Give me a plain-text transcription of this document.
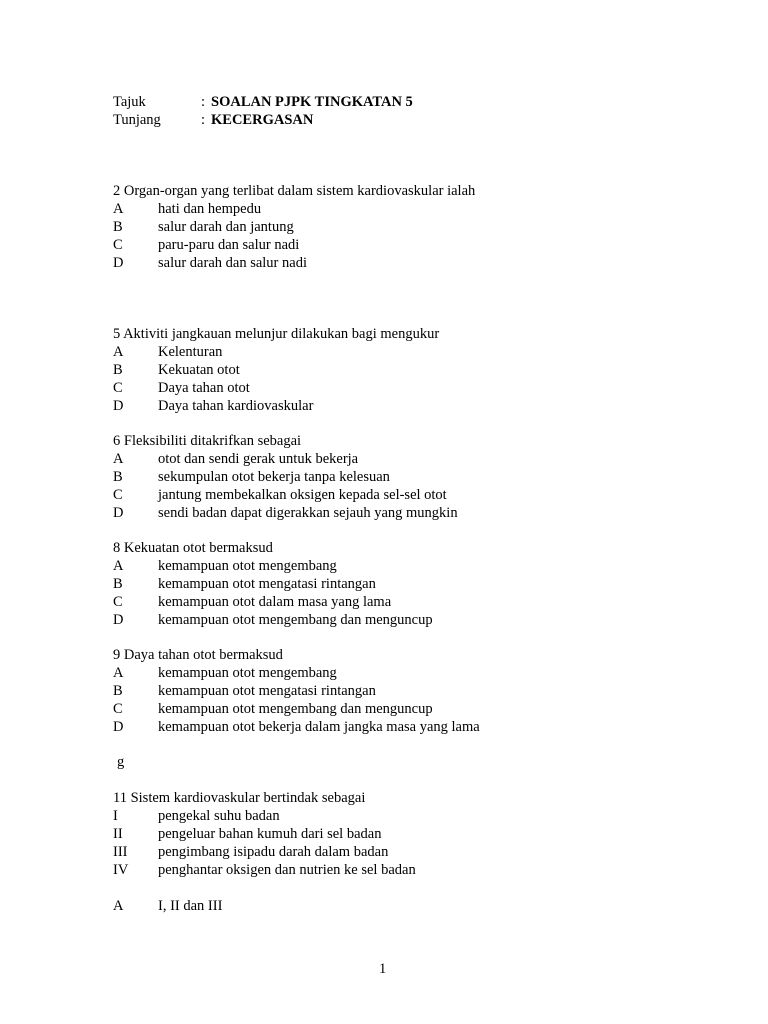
Tajuk	: SOALAN PJPK TINGKATAN 5
Tunjang	: KECERGASAN
2 Organ-organ yang terlibat dalam sistem kardiovaskular ialah
A hati dan hempedu
B salur darah dan jantung
C paru-paru dan salur nadi
D salur darah dan salur nadi
5 Aktiviti jangkauan melunjur dilakukan bagi mengukur
A Kelenturan
B Kekuatan otot
C Daya tahan otot
D Daya tahan kardiovaskular
6 Fleksibiliti ditakrifkan sebagai
A otot dan sendi gerak untuk bekerja
B sekumpulan otot bekerja tanpa kelesuan
C jantung membekalkan oksigen kepada sel-sel otot
D sendi badan dapat digerakkan sejauh yang mungkin
8 Kekuatan otot bermaksud
A kemampuan otot mengembang
B kemampuan otot mengatasi rintangan
C kemampuan otot dalam masa yang lama
D kemampuan otot mengembang dan menguncup
9 Daya tahan otot bermaksud
A kemampuan otot mengembang
B kemampuan otot mengatasi rintangan
C kemampuan otot mengembang dan menguncup
D kemampuan otot bekerja dalam jangka masa yang lama
g
11 Sistem kardiovaskular bertindak sebagai
I	pengekal suhu badan
II pengeluar bahan kumuh dari sel badan
III pengimbang isipadu darah dalam badan
IV penghantar oksigen dan nutrien ke sel badan
A I, II dan III
1
